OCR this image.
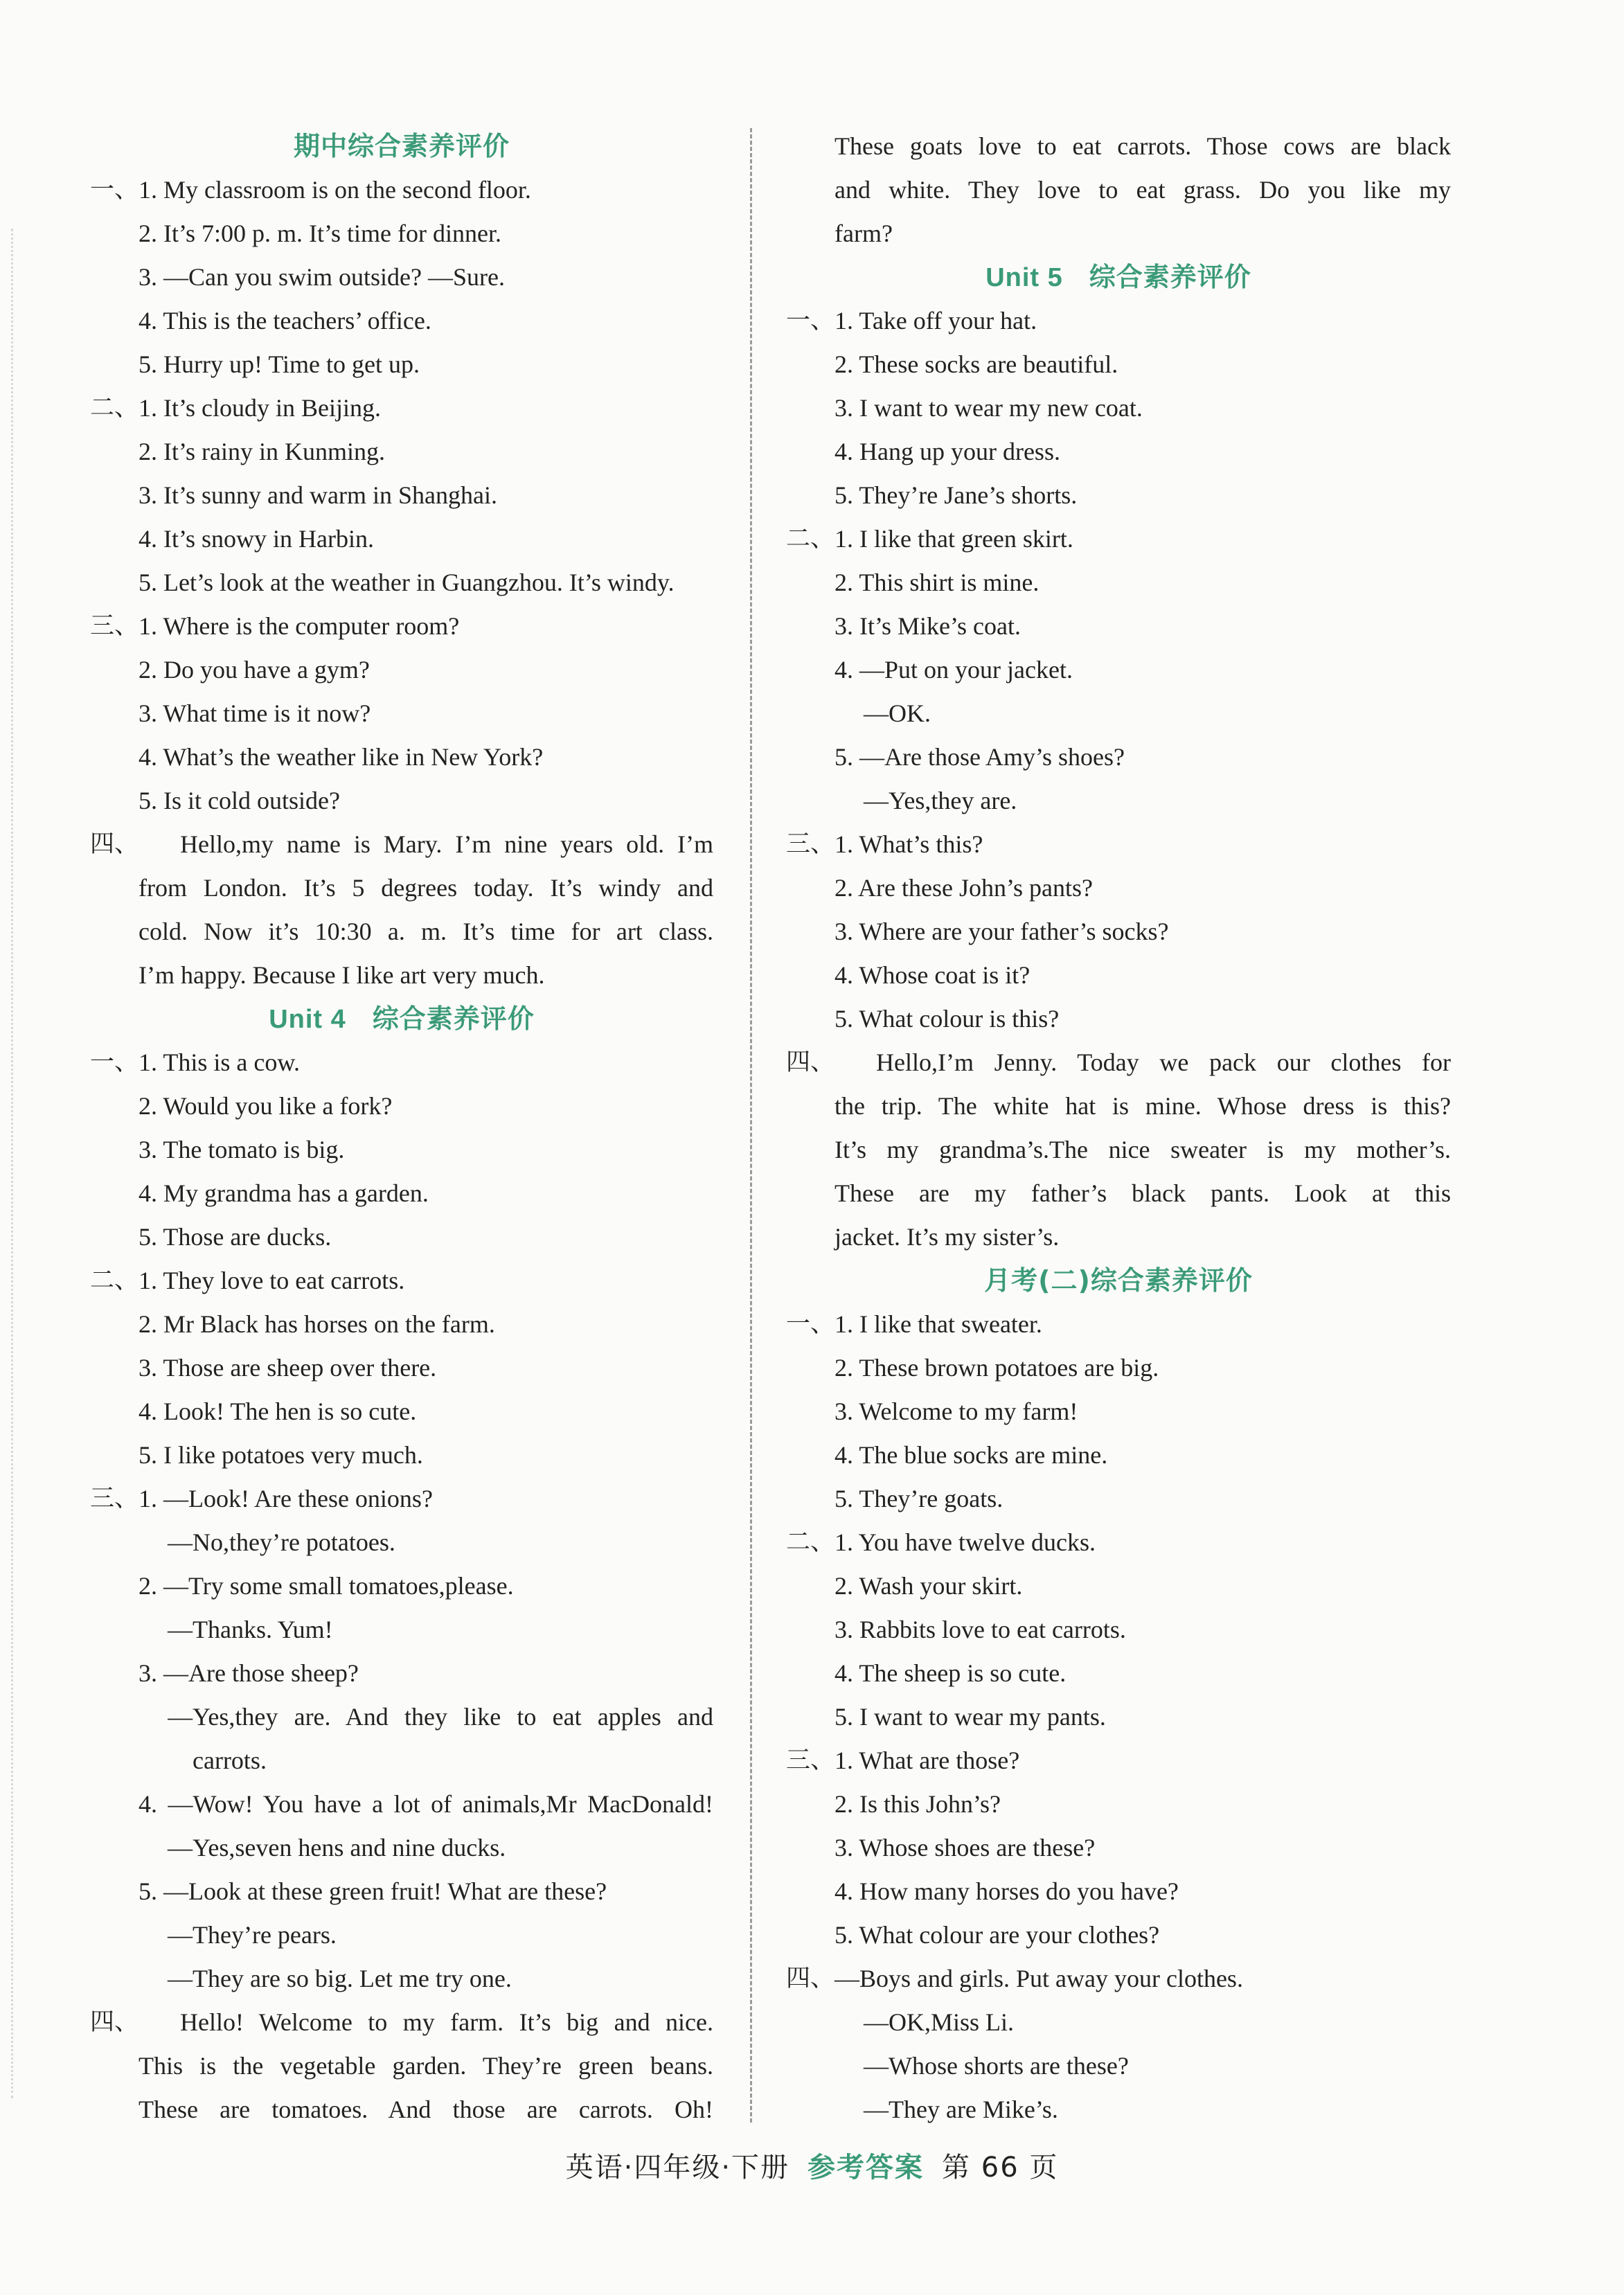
期中综合素养评价
一、 1. My classroom is on the second floor.
2. It’s 7:00 p. m. It’s time for dinner.
3. —Can you swim outside? —Sure.
4. This is the teachers’ office.
5. Hurry up! Time to get up.
二、 1. It’s cloudy in Beijing.
2. It’s rainy in Kunming.
3. It’s sunny and warm in Shanghai.
4. It’s snowy in Harbin.
5. Let’s look at the weather in Guangzhou. It’s windy.
三、 1. Where is the computer room?
2. Do you have a gym?
3. What time is it now?
4. What’s the weather like in New York?
5. Is it cold outside?
四、 Hello,my name is Mary. I’m nine years old. I’m
from London. It’s 5 degrees today. It’s windy and
cold. Now it’s 10:30 a. m. It’s time for art class.
I’m happy. Because I like art very much.
Unit 4 综合素养评价
一、 1. This is a cow.
2. Would you like a fork?
3. The tomato is big.
4. My grandma has a garden.
5. Those are ducks.
二、 1. They love to eat carrots.
2. Mr Black has horses on the farm.
3. Those are sheep over there.
4. Look! The hen is so cute.
5. I like potatoes very much.
三、 1. —Look! Are these onions?
—No,they’re potatoes.
2. —Try some small tomatoes,please.
—Thanks. Yum!
3. —Are those sheep?
—Yes,they are. And they like to eat apples and
carrots.
4. —Wow! You have a lot of animals,Mr MacDonald!
—Yes,seven hens and nine ducks.
5. —Look at these green fruit! What are these?
—They’re pears.
—They are so big. Let me try one.
四、 Hello! Welcome to my farm. It’s big and nice.
This is the vegetable garden. They’re green beans.
These are tomatoes. And those are carrots. Oh!
These goats love to eat carrots. Those cows are black
and white. They love to eat grass. Do you like my
farm?
Unit 5 综合素养评价
一、 1. Take off your hat.
2. These socks are beautiful.
3. I want to wear my new coat.
4. Hang up your dress.
5. They’re Jane’s shorts.
二、 1. I like that green skirt.
2. This shirt is mine.
3. It’s Mike’s coat.
4. —Put on your jacket.
—OK.
5. —Are those Amy’s shoes?
—Yes,they are.
三、 1. What’s this?
2. Are these John’s pants?
3. Where are your father’s socks?
4. Whose coat is it?
5. What colour is this?
四、 Hello,I’m Jenny. Today we pack our clothes for
the trip. The white hat is mine. Whose dress is this?
It’s my grandma’s.The nice sweater is my mother’s.
These are my father’s black pants. Look at this
jacket. It’s my sister’s.
月考(二)综合素养评价
一、 1. I like that sweater.
2. These brown potatoes are big.
3. Welcome to my farm!
4. The blue socks are mine.
5. They’re goats.
二、 1. You have twelve ducks.
2. Wash your skirt.
3. Rabbits love to eat carrots.
4. The sheep is so cute.
5. I want to wear my pants.
三、 1. What are those?
2. Is this John’s?
3. Whose shoes are these?
4. How many horses do you have?
5. What colour are your clothes?
四、 —Boys and girls. Put away your clothes.
—OK,Miss Li.
—Whose shorts are these?
—They are Mike’s.
英语·四年级·下册 参考答案 第 66 页
